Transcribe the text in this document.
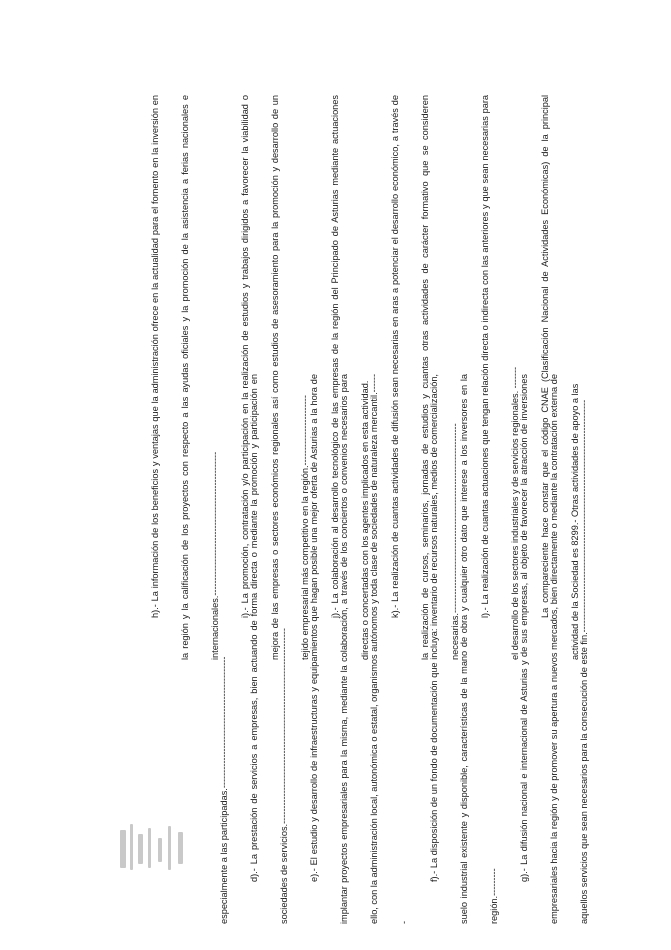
especialmente a las participadas.-------------------------------------------	d).- La prestación de servicios a empresas, bien actuando de forma directa o mediante la promoción y participación en sociedades de servicios.----------------------------------------------------------------	e).- El estudio y desarrollo de infraestructuras y equipamientos que hagan posible una mejor oferta de Asturias a la hora de implantar proyectos empresariales para la misma, mediante la colaboración, a través de los conciertos o convenios necesarios para ello, con la administración local, autonómica o estatal, organismos autónomos y toda clase de sociedades de naturaleza mercantil.-------

f).- La disposición de un fondo de documentación que incluya: inventario de recursos naturales, medios de comercialización, suelo industrial existente y disponible, características de la mano de obra y cualquier otro dato que interese a los inversores en la región.---------

g).- La difusión nacional e internacional de Asturias y de sus empresas, al objeto de favorecer la atracción de inversiones empresariales hacia la región y de promover su apertura a nuevos mercados, bien directamente o mediante la contratación externa de aquellos servicios que sean necesarios para la consecución de este fin.----------------------------------------------------------------------------

h).- La información de los beneficios y ventajas que la administración ofrece en la actualidad para el fomento en la inversión en la región y la calificación de los proyectos con respecto a las ayudas oficiales y la promoción de la asistencia a ferias nacionales e internacionales.-----------------------------------------------	i).- La promoción, contratación y/o participación en la realización de estudios y trabajos dirigidos a favorecer la viabilidad o mejora de las empresas o sectores económicos regionales así como estudios de asesoramiento para la promoción y desarrollo de un tejido empresarial más competitivo en la región.-----------------------	j).- La colaboración al desarrollo tecnológico de las empresas de la región del Principado de Asturias mediante actuaciones directas o concertadas con los agentes implicados en esta actividad.	k).- La realización de cuantas actividades de difusión sean necesarias en aras a potenciar el desarrollo económico, a través de la realización de cursos, seminarios, jornadas de estudios y cuantas otras actividades de carácter formativo que se consideren necesarias.--------------------------------------------------------------	l).- La realización de cuantas actuaciones que tengan relación directa o indirecta con las anteriores y que sean necesarias para el desarrollo de los sectores industriales y de servicios regionales. -------	La compareciente hace constar que el código CNAE (Clasificación Nacional de Actividades Económicas) de la principal actividad de la Sociedad es 8299.- Otras actividades de apoyo a las
